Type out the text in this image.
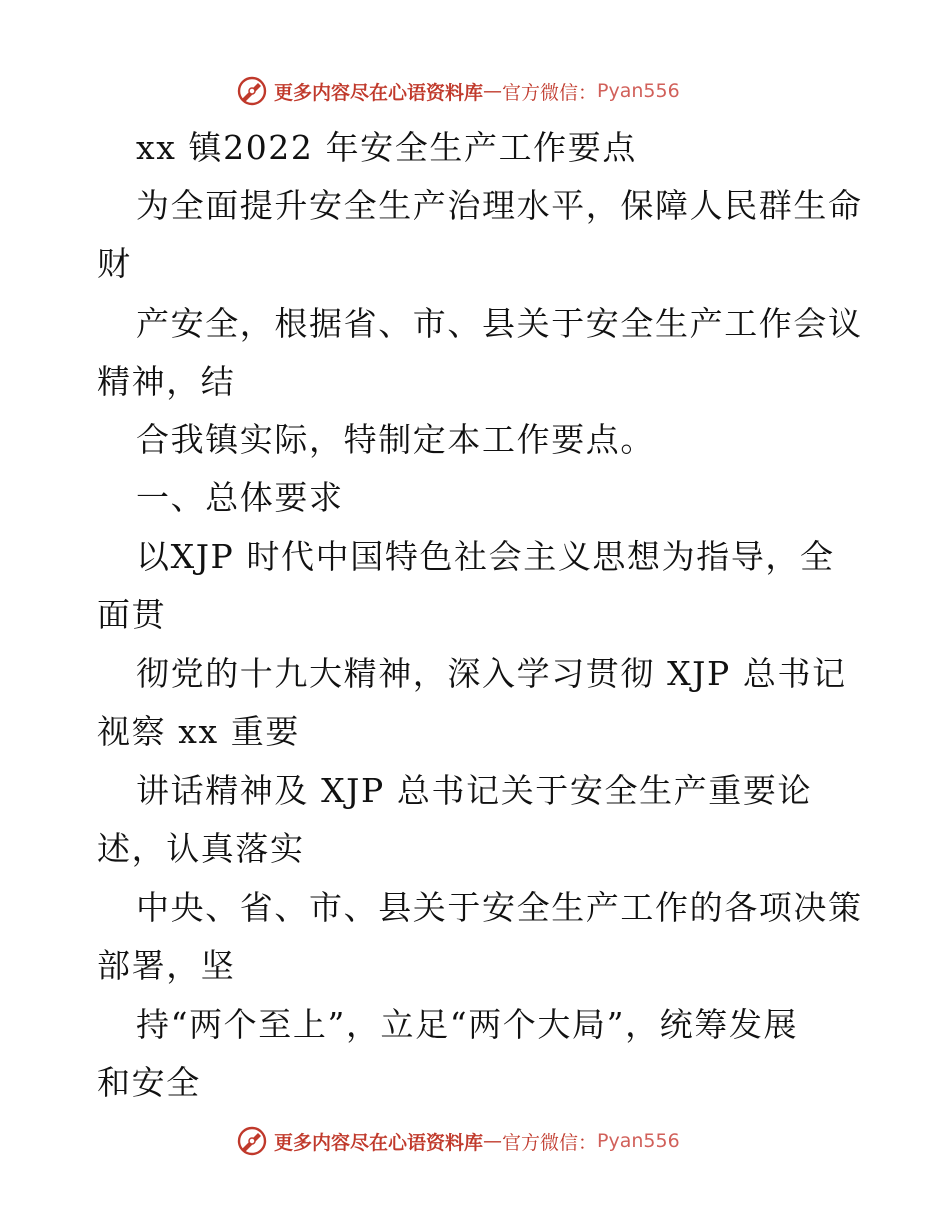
更多内容尽在心语资料库 — 官方微信： Pyan556
xx 镇2022 年安全生产工作要点
为全面提升安全生产治理水平，保障人民群生命
财
产安全，根据省、市、县关于安全生产工作会议
精神，结
合我镇实际，特制定本工作要点。
一、总体要求
以XJP 时代中国特色社会主义思想为指导，全
面贯
彻党的十九大精神，深入学习贯彻 XJP 总书记
视察 xx 重要
讲话精神及 XJP 总书记关于安全生产重要论
述，认真落实
中央、省、市、县关于安全生产工作的各项决策
部署，坚
持“两个至上”，立足“两个大局”，统筹发展
和安全
更多内容尽在心语资料库 — 官方微信： Pyan556
